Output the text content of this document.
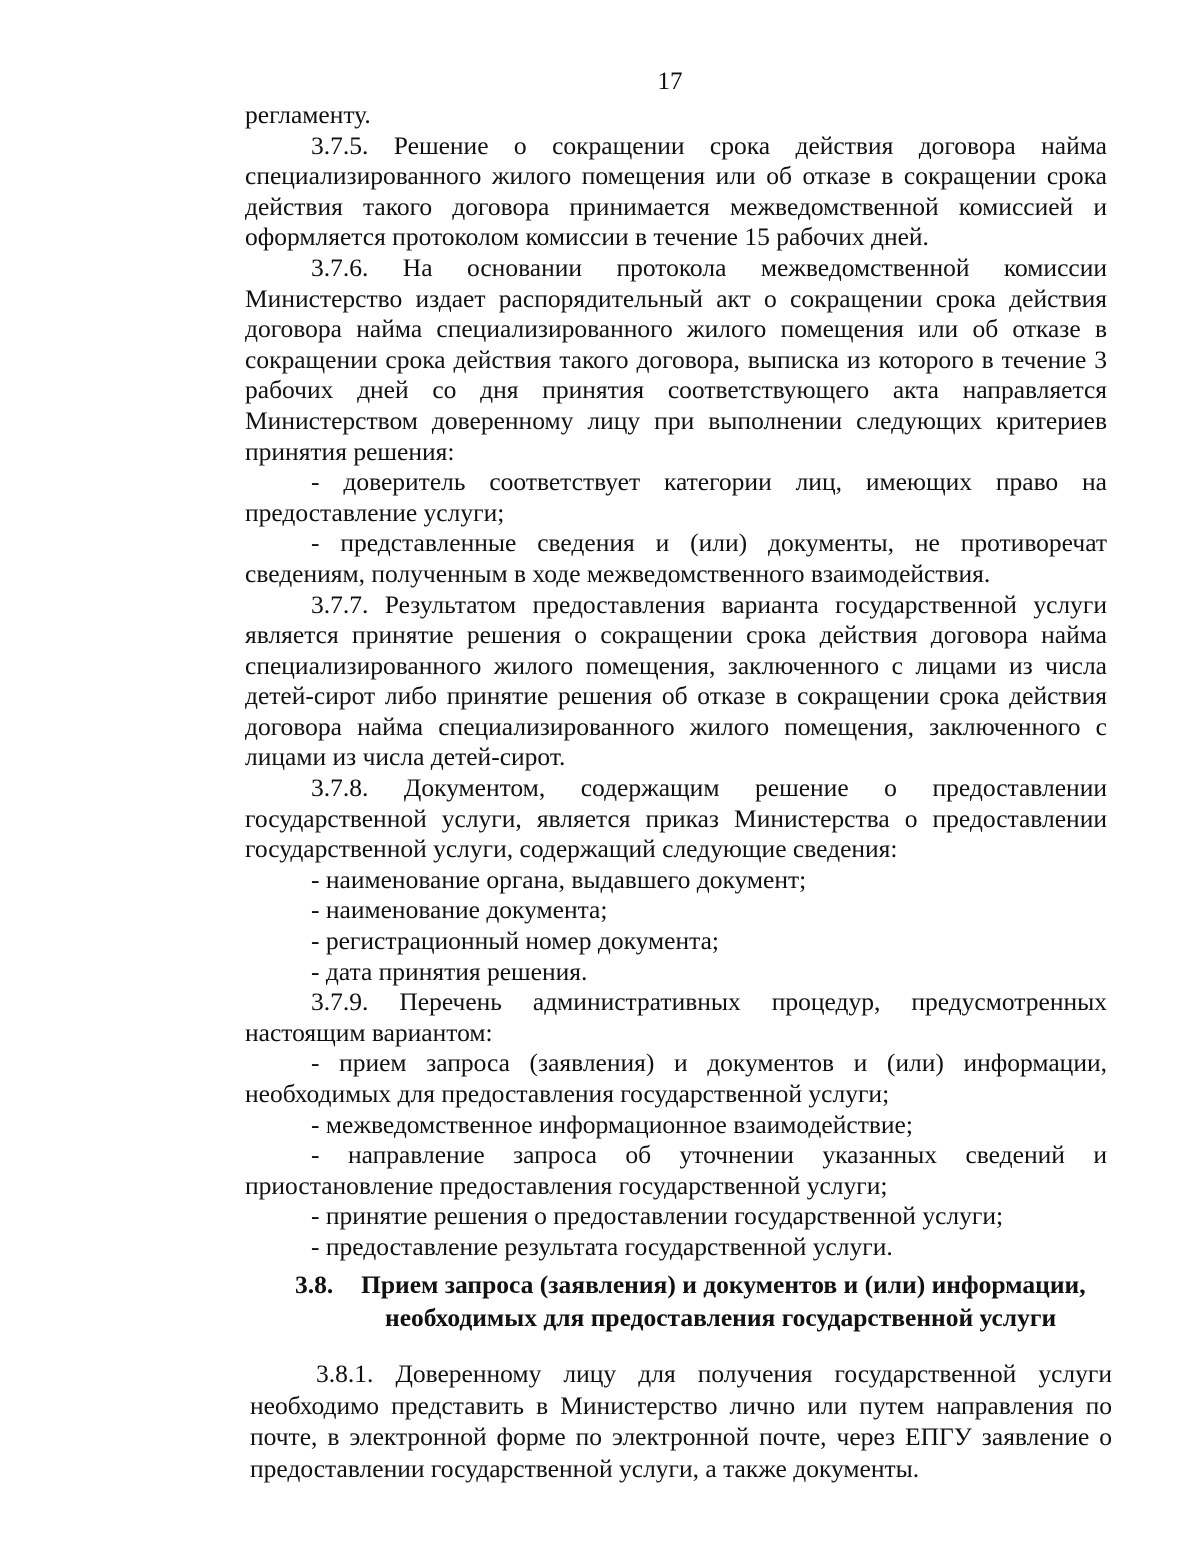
17

регламенту.

3.7.5. Решение о сокращении срока действия договора найма специализированного жилого помещения или об отказе в сокращении срока действия такого договора принимается межведомственной комиссией и оформляется протоколом комиссии в течение 15 рабочих дней.

3.7.6. На основании протокола межведомственной комиссии Министерство издает распорядительный акт о сокращении срока действия договора найма специализированного жилого помещения или об отказе в сокращении срока действия такого договора, выписка из которого в течение 3 рабочих дней со дня принятия соответствующего акта направляется Министерством доверенному лицу при выполнении следующих критериев принятия решения:

- доверитель соответствует категории лиц, имеющих право на предоставление услуги;

- представленные сведения и (или) документы, не противоречат сведениям, полученным в ходе межведомственного взаимодействия.

3.7.7. Результатом предоставления варианта государственной услуги является принятие решения о сокращении срока действия договора найма специализированного жилого помещения, заключенного с лицами из числа детей-сирот либо принятие решения об отказе в сокращении срока действия договора найма специализированного жилого помещения, заключенного с лицами из числа детей-сирот.

3.7.8. Документом, содержащим решение о предоставлении государственной услуги, является приказ Министерства о предоставлении государственной услуги, содержащий следующие сведения:

- наименование органа, выдавшего документ;

- наименование документа;

- регистрационный номер документа;

- дата принятия решения.

3.7.9. Перечень административных процедур, предусмотренных настоящим вариантом:

- прием запроса (заявления) и документов и (или) информации, необходимых для предоставления государственной услуги;

- межведомственное информационное взаимодействие;

- направление запроса об уточнении указанных сведений и приостановление предоставления государственной услуги;

- принятие решения о предоставлении государственной услуги;

- предоставление результата государственной услуги.

3.8. Прием запроса (заявления) и документов и (или) информации,
необходимых для предоставления государственной услуги

3.8.1. Доверенному лицу для получения государственной услуги необходимо представить в Министерство лично или путем направления по почте, в электронной форме по электронной почте, через ЕПГУ заявление о предоставлении государственной услуги, а также документы.
